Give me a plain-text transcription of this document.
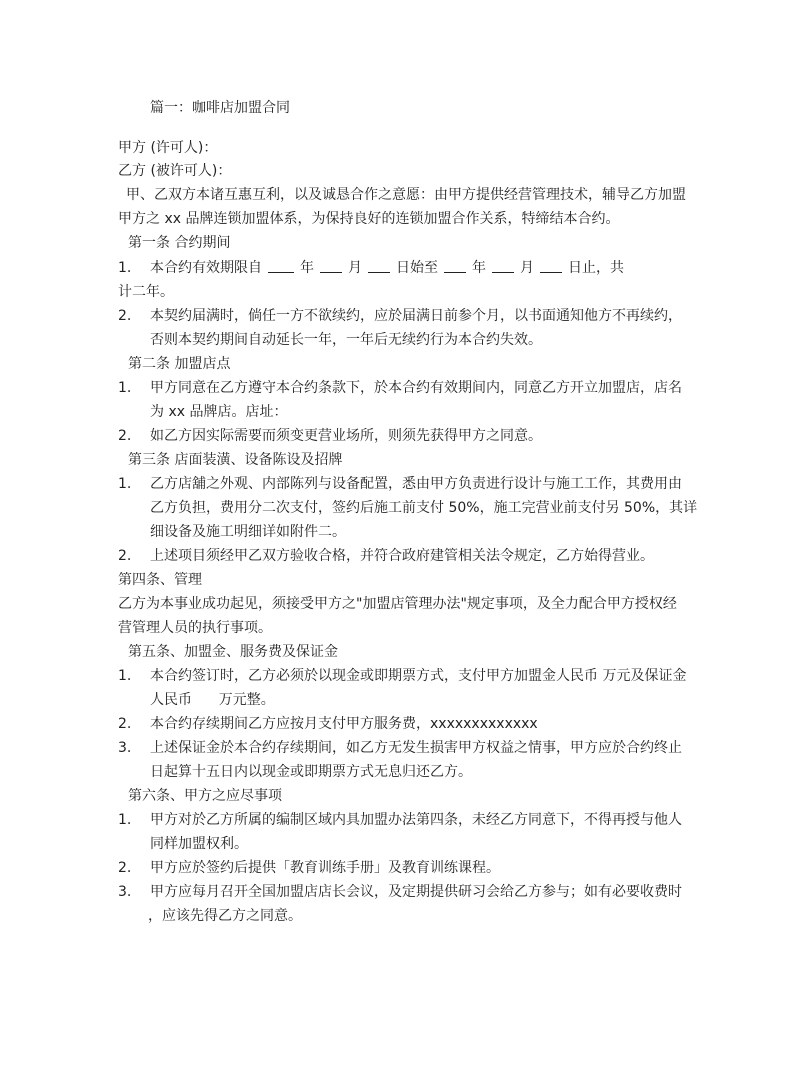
篇一：咖啡店加盟合同
甲方 (许可人)：
乙方 (被许可人)：
甲、乙双方本诸互惠互利，以及诚恳合作之意愿：由甲方提供经营管理技术，辅导乙方加盟
甲方之 xx 品牌连锁加盟体系，为保持良好的连锁加盟合作关系，特缔结本合约。
第一条 合约期间
1.	本合约有效期限自	年 月 日始至 年 月 日止，共
计二年。
2.	本契约届满时，倘任一方不欲续约，应於届满日前参个月，以书面通知他方不再续约，
否则本契约期间自动延长一年，一年后无续约行为本合约失效。
第二条 加盟店点
1.	甲方同意在乙方遵守本合约条款下，於本合约有效期间内，同意乙方开立加盟店，店名
为 xx 品牌店。店址：
2.	如乙方因实际需要而须变更营业场所，则须先获得甲方之同意。
第三条 店面装潢、设备陈设及招牌
1.	乙方店舖之外观、内部陈列与设备配置，悉由甲方负责进行设计与施工工作，其费用由
乙方负担，费用分二次支付，签约后施工前支付 50%，施工完营业前支付另 50%，其详
细设备及施工明细详如附件二。
2.	上述项目须经甲乙双方验收合格，并符合政府建管相关法令规定，乙方始得营业。
第四条、管理
乙方为本事业成功起见，须接受甲方之"加盟店管理办法"规定事项，及全力配合甲方授权经
营管理人员的执行事项。
第五条、加盟金、服务费及保证金
1.	本合约签订时，乙方必须於以现金或即期票方式，支付甲方加盟金人民币 万元及保证金
人民币      万元整。
2.	本合约存续期间乙方应按月支付甲方服务费，xxxxxxxxxxxxx
3.	上述保证金於本合约存续期间，如乙方无发生损害甲方权益之情事，甲方应於合约终止
日起算十五日内以现金或即期票方式无息归还乙方。
第六条、甲方之应尽事项
1.	甲方对於乙方所属的编制区域内具加盟办法第四条，未经乙方同意下，不得再授与他人
同样加盟权利。
2.	甲方应於签约后提供「教育训练手册」及教育训练课程。
3.	甲方应每月召开全国加盟店店长会议，及定期提供研习会给乙方参与；如有必要收费时
，应该先得乙方之同意。
